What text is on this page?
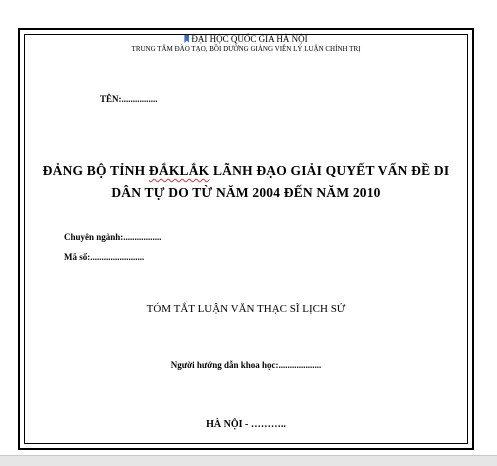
ĐẠI HỌC QUỐC GIA HÀ NỘI
TRUNG TÂM ĐÀO TẠO, BỒI DƯỠNG GIẢNG VIÊN LÝ LUẬN CHÍNH TRỊ
TÊN:................
ĐẢNG BỘ TỈNH ĐẮKLẮK LÃNH ĐẠO GIẢI QUYẾT VẤN ĐỀ DI
DÂN TỰ DO TỪ NĂM 2004 ĐẾN NĂM 2010
Chuyên ngành:.................
Mã số:........................
TÓM TẮT LUẬN VĂN THẠC SĨ LỊCH SỬ
Người hướng dẫn khoa học:...................
HÀ NỘI - ………..
